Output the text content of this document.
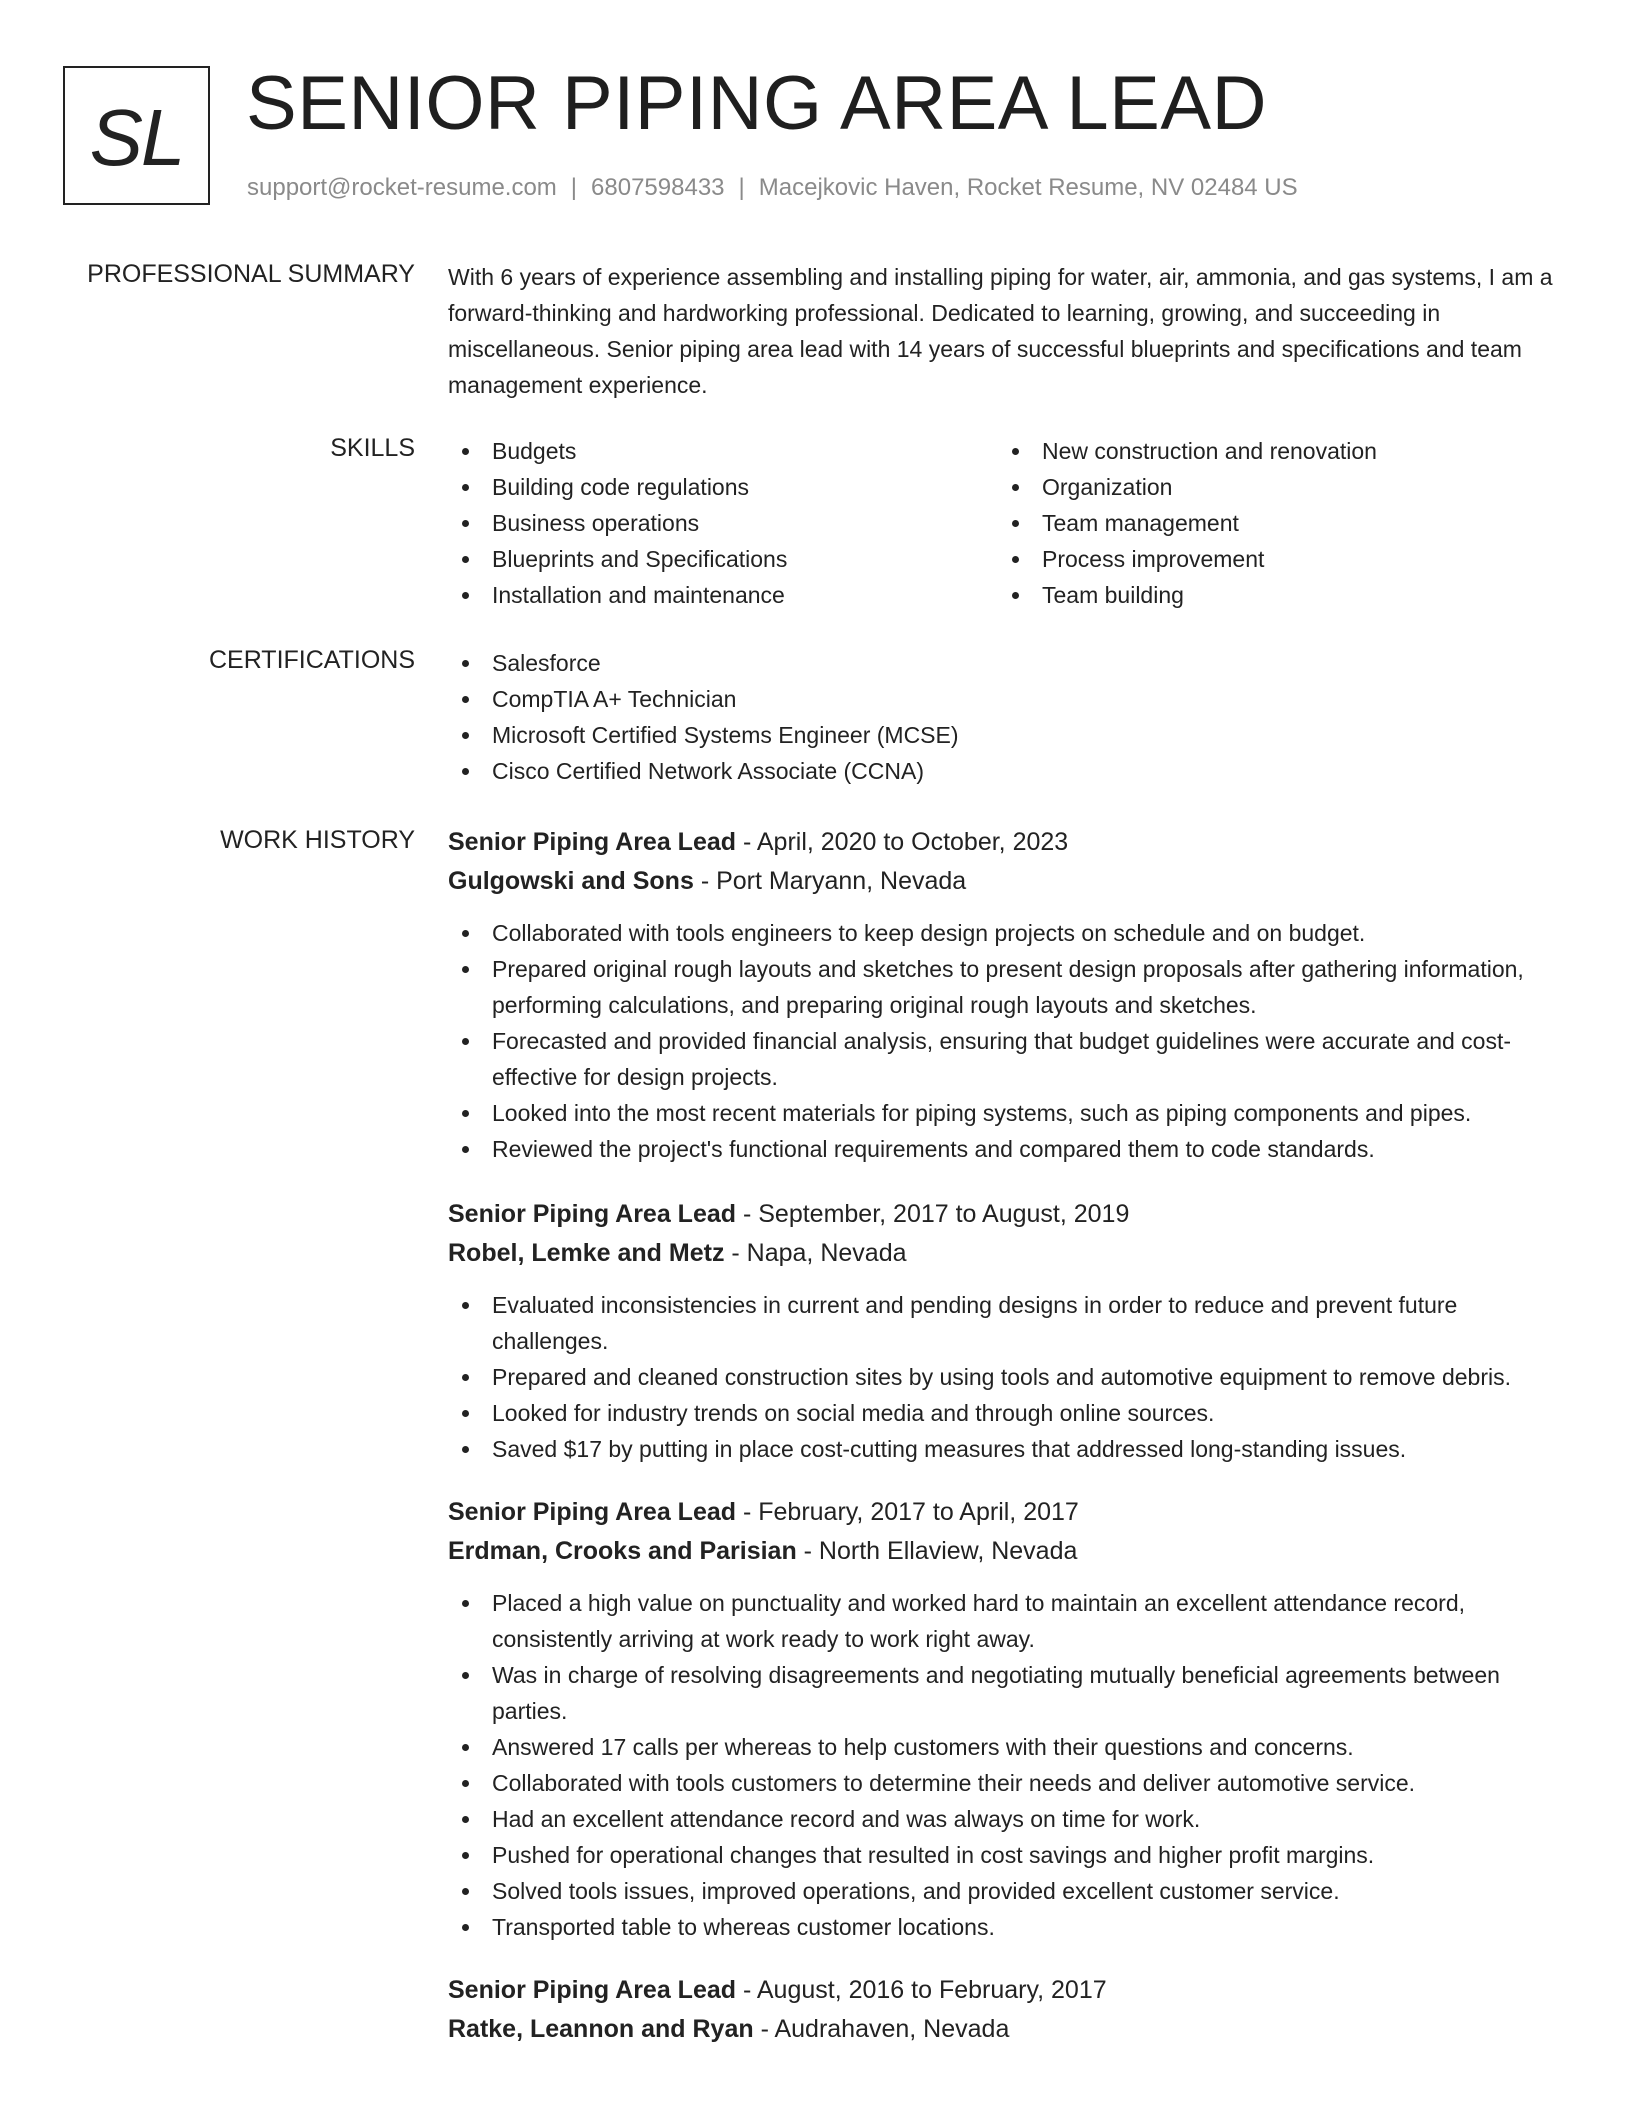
SL SENIOR PIPING AREA LEAD
support@rocket-resume.com | 6807598433 | Macejkovic Haven, Rocket Resume, NV 02484 US
PROFESSIONAL SUMMARY With 6 years of experience assembling and installing piping for water, air, ammonia, and gas systems, I am a forward-thinking and hardworking professional. Dedicated to learning, growing, and succeeding in miscellaneous. Senior piping area lead with 14 years of successful blueprints and specifications and team management experience.
SKILLS	Budgets
Building code regulations
Business operations
Blueprints and Specifications
Installation and maintenance
New construction and renovation
Organization
Team management
Process improvement
Team building
CERTIFICATIONS	Salesforce
CompTIA A+ Technician
Microsoft Certified Systems Engineer (MCSE)
Cisco Certified Network Associate (CCNA)
WORK HISTORY Senior Piping Area Lead - April, 2020 to October, 2023
Gulgowski and Sons - Port Maryann, Nevada
Collaborated with tools engineers to keep design projects on schedule and on budget.
Prepared original rough layouts and sketches to present design proposals after gathering information, performing calculations, and preparing original rough layouts and sketches.
Forecasted and provided financial analysis, ensuring that budget guidelines were accurate and cost-effective for design projects.
Looked into the most recent materials for piping systems, such as piping components and pipes.
Reviewed the project's functional requirements and compared them to code standards.
Senior Piping Area Lead - September, 2017 to August, 2019
Robel, Lemke and Metz - Napa, Nevada
Evaluated inconsistencies in current and pending designs in order to reduce and prevent future challenges.
Prepared and cleaned construction sites by using tools and automotive equipment to remove debris.
Looked for industry trends on social media and through online sources.
Saved $17 by putting in place cost-cutting measures that addressed long-standing issues.
Senior Piping Area Lead - February, 2017 to April, 2017
Erdman, Crooks and Parisian - North Ellaview, Nevada
Placed a high value on punctuality and worked hard to maintain an excellent attendance record, consistently arriving at work ready to work right away.
Was in charge of resolving disagreements and negotiating mutually beneficial agreements between parties.
Answered 17 calls per whereas to help customers with their questions and concerns.
Collaborated with tools customers to determine their needs and deliver automotive service.
Had an excellent attendance record and was always on time for work.
Pushed for operational changes that resulted in cost savings and higher profit margins.
Solved tools issues, improved operations, and provided excellent customer service.
Transported table to whereas customer locations.
Senior Piping Area Lead - August, 2016 to February, 2017
Ratke, Leannon and Ryan - Audrahaven, Nevada
